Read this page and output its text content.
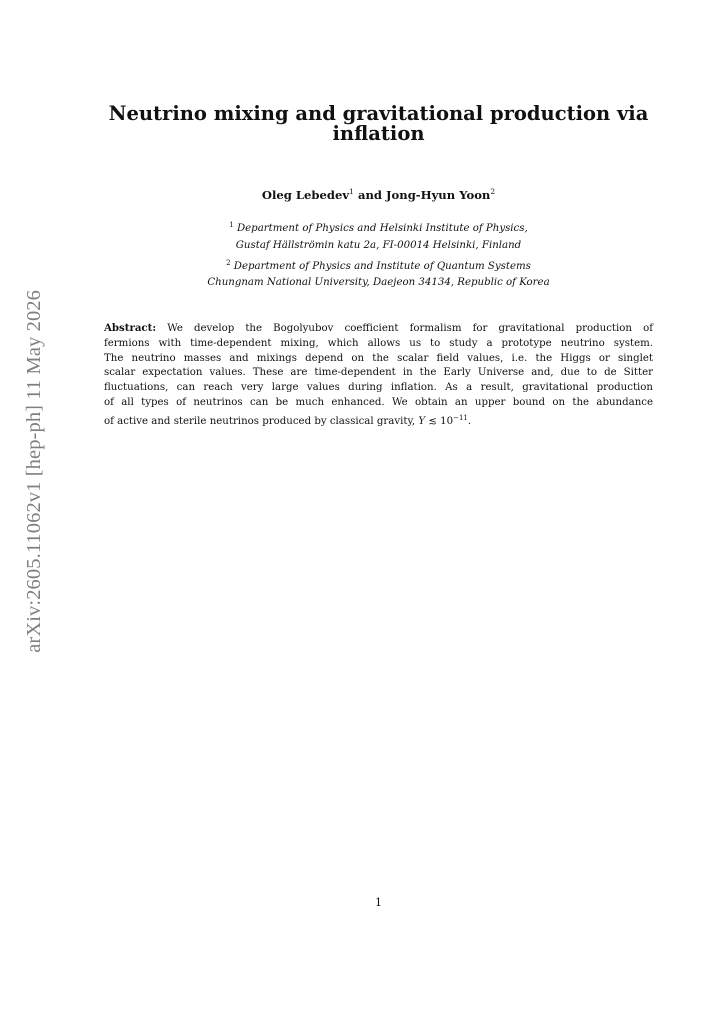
arXiv:2605.11062v1 [hep-ph] 11 May 2026
Neutrino mixing and gravitational production via
inflation
Oleg Lebedev$^1$ and Jong-Hyun Yoon$^2$
$^1$ Department of Physics and Helsinki Institute of Physics,
Gustaf Hällströmin katu 2a, FI-00014 Helsinki, Finland
$^2$ Department of Physics and Institute of Quantum Systems
Chungnam National University, Daejeon 34134, Republic of Korea
Abstract: We develop the Bogolyubov coefficient formalism for gravitational production of
fermions with time-dependent mixing, which allows us to study a prototype neutrino system.
The neutrino masses and mixings depend on the scalar field values, i.e. the Higgs or singlet
scalar expectation values. These are time-dependent in the Early Universe and, due to de Sitter
fluctuations, can reach very large values during inflation. As a result, gravitational production
of all types of neutrinos can be much enhanced. We obtain an upper bound on the abundance
of active and sterile neutrinos produced by classical gravity, Y ≲ $10^{-11}$.
1
